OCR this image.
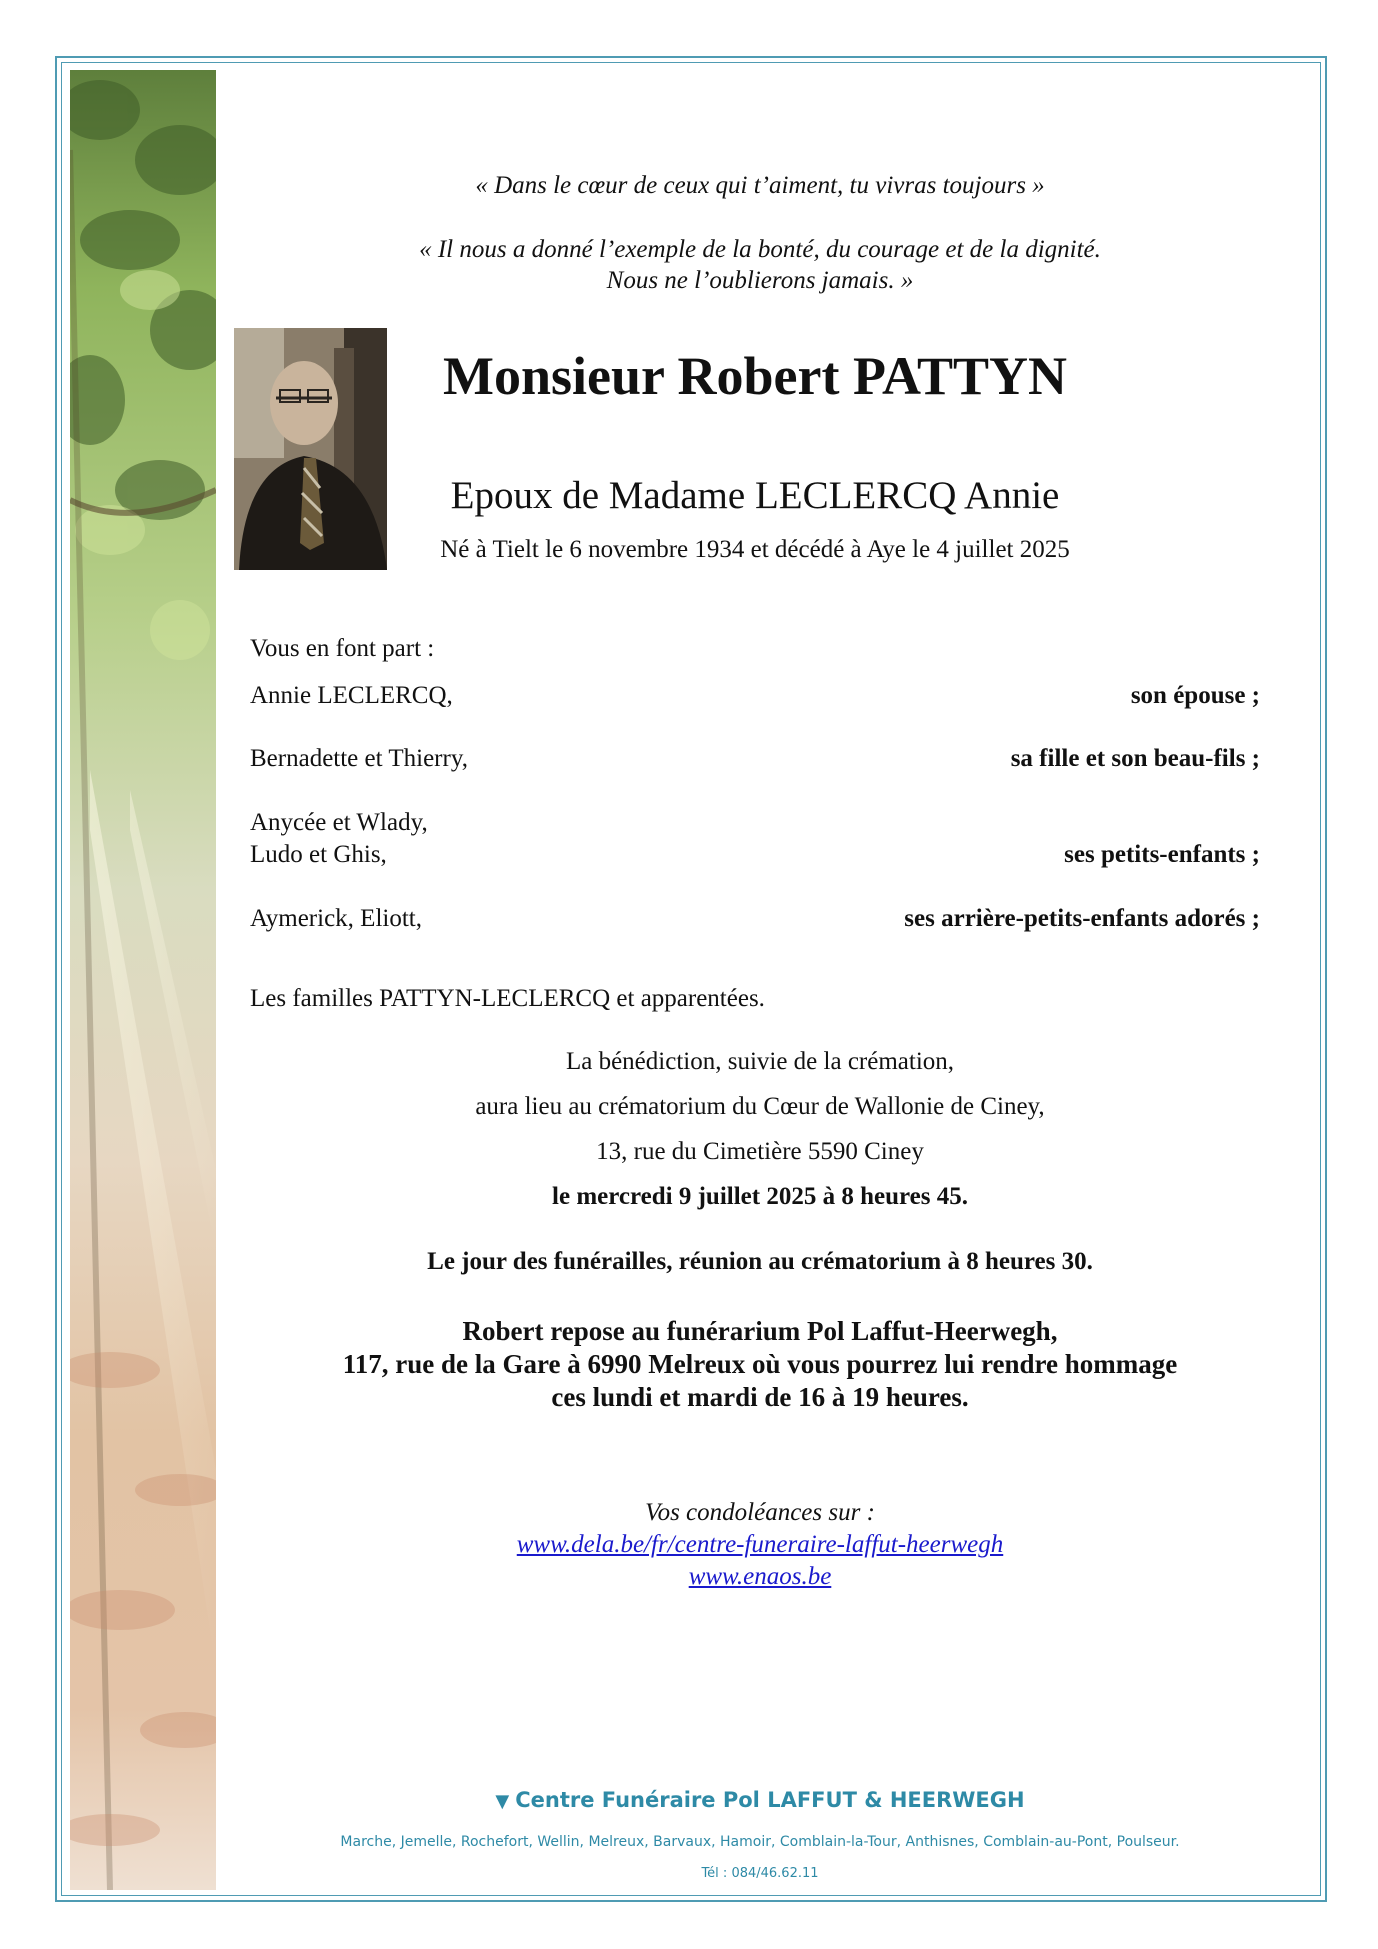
« Dans le cœur de ceux qui t’aiment, tu vivras toujours »
« Il nous a donné l’exemple de la bonté, du courage et de la dignité.
Nous ne l’oublierons jamais. »
Monsieur Robert PATTYN
Epoux de Madame LECLERCQ Annie
Né à Tielt le 6 novembre 1934 et décédé à Aye le 4 juillet 2025
Vous en font part :
Annie LECLERCQ,	son épouse ;
Bernadette et Thierry,	sa fille et son beau-fils ;
Anycée et Wlady,
Ludo et Ghis,	ses petits-enfants ;
Aymerick, Eliott,	ses arrière-petits-enfants adorés ;
Les familles PATTYN-LECLERCQ et apparentées.
La bénédiction, suivie de la crémation,
aura lieu au crématorium du Cœur de Wallonie de Ciney,
13, rue du Cimetière 5590 Ciney
le mercredi 9 juillet 2025 à 8 heures 45.
Le jour des funérailles, réunion au crématorium à 8 heures 30.
Robert repose au funérarium Pol Laffut-Heerwegh,
117, rue de la Gare à 6990 Melreux où vous pourrez lui rendre hommage
ces lundi et mardi de 16 à 19 heures.
Vos condoléances sur :
www.dela.be/fr/centre-funeraire-laffut-heerwegh
www.enaos.be
▼ Centre Funéraire Pol LAFFUT & HEERWEGH
Marche, Jemelle, Rochefort, Wellin, Melreux, Barvaux, Hamoir, Comblain-la-Tour, Anthisnes, Comblain-au-Pont, Poulseur.
Tél : 084/46.62.11
